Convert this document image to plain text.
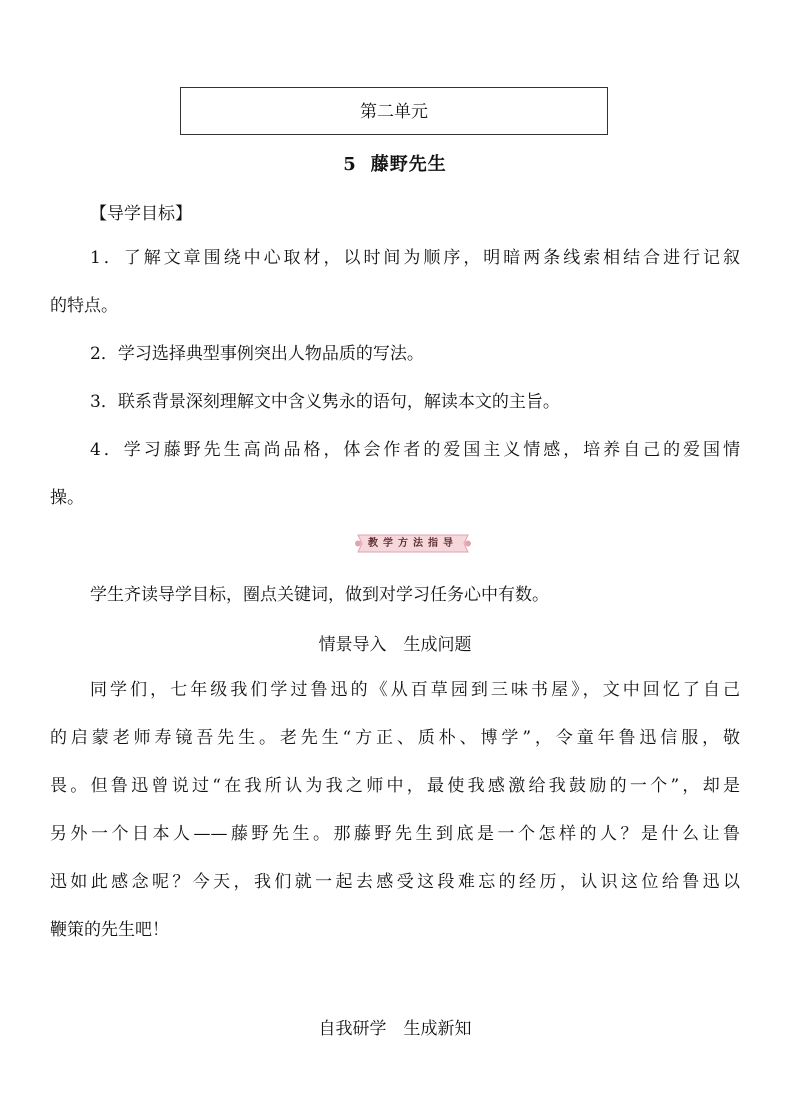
第二单元
5 藤野先生
【导学目标】
1．了解文章围绕中心取材，以时间为顺序，明暗两条线索相结合进行记叙
的特点。
2．学习选择典型事例突出人物品质的写法。
3．联系背景深刻理解文中含义隽永的语句，解读本文的主旨。
4．学习藤野先生高尚品格，体会作者的爱国主义情感，培养自己的爱国情
操。
教学方法指导
学生齐读导学目标，圈点关键词，做到对学习任务心中有数。
情景导入　生成问题
同学们，七年级我们学过鲁迅的《从百草园到三味书屋》，文中回忆了自己
的启蒙老师寿镜吾先生。老先生“方正、质朴、博学”，令童年鲁迅信服，敬
畏。但鲁迅曾说过“在我所认为我之师中，最使我感激给我鼓励的一个”，却是
另外一个日本人——藤野先生。那藤野先生到底是一个怎样的人？是什么让鲁
迅如此感念呢？今天，我们就一起去感受这段难忘的经历，认识这位给鲁迅以
鞭策的先生吧！
自我研学　生成新知
